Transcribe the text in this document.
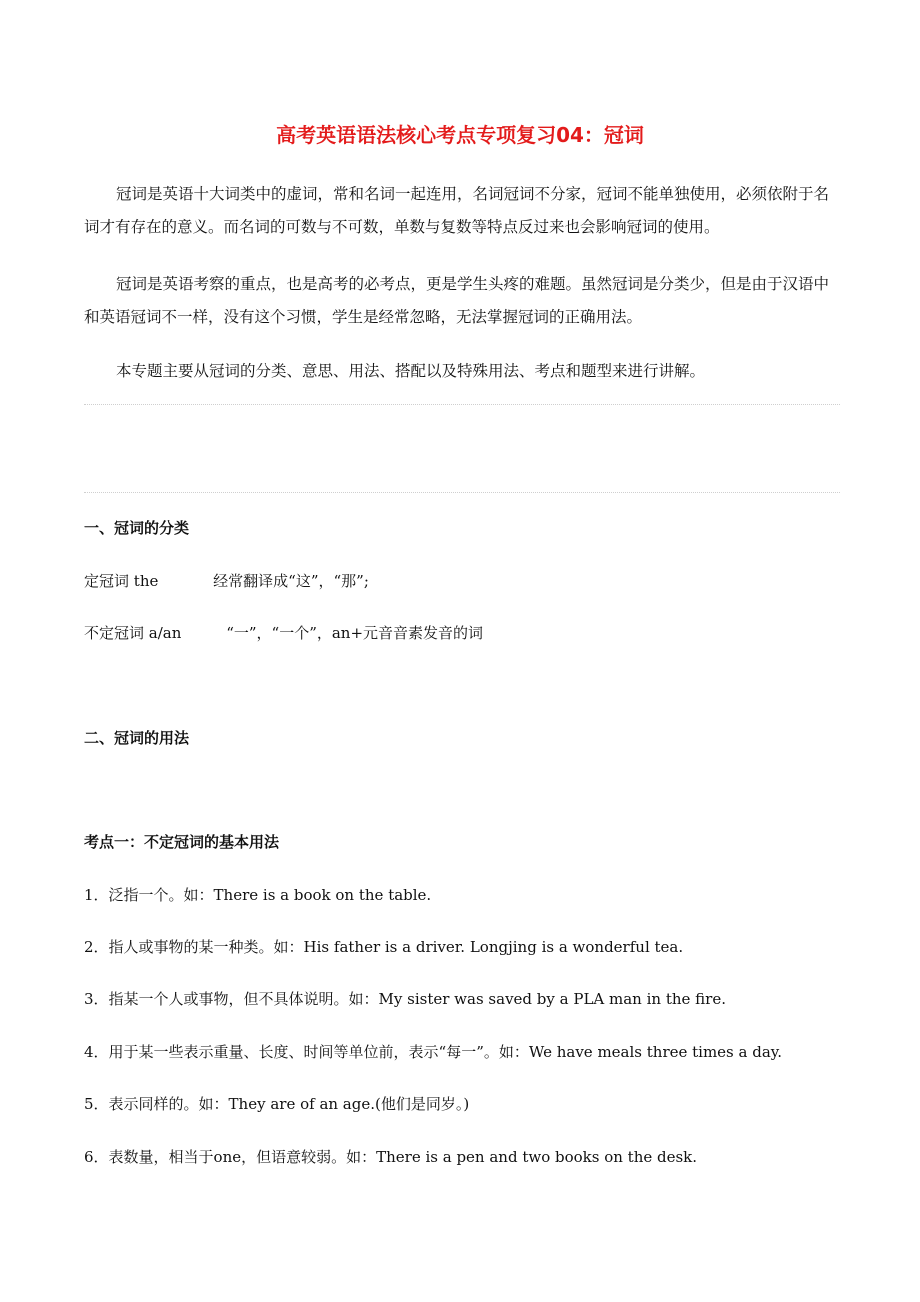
高考英语语法核心考点专项复习04：冠词

冠词是英语十大词类中的虚词，常和名词一起连用，名词冠词不分家，冠词不能单独使用，必须依附于名词才有存在的意义。而名词的可数与不可数，单数与复数等特点反过来也会影响冠词的使用。

冠词是英语考察的重点，也是高考的必考点，更是学生头疼的难题。虽然冠词是分类少，但是由于汉语中和英语冠词不一样，没有这个习惯，学生是经常忽略，无法掌握冠词的正确用法。

本专题主要从冠词的分类、意思、用法、搭配以及特殊用法、考点和题型来进行讲解。

一、冠词的分类
定冠词 the	经常翻译成“这”，“那”;
不定冠词 a/an	“一”，“一个”，an+元音音素发音的词
二、冠词的用法
考点一：不定冠词的基本用法
1．泛指一个。如：There is a book on the table.
2．指人或事物的某一种类。如：His father is a driver. Longjing is a wonderful tea.
3．指某一个人或事物，但不具体说明。如：My sister was saved by a PLA man in the fire.
4．用于某一些表示重量、长度、时间等单位前，表示“每一”。如：We have meals three times a day.
5．表示同样的。如：They are of an age.(他们是同岁。)
6．表数量，相当于one，但语意较弱。如：There is a pen and two books on the desk.
